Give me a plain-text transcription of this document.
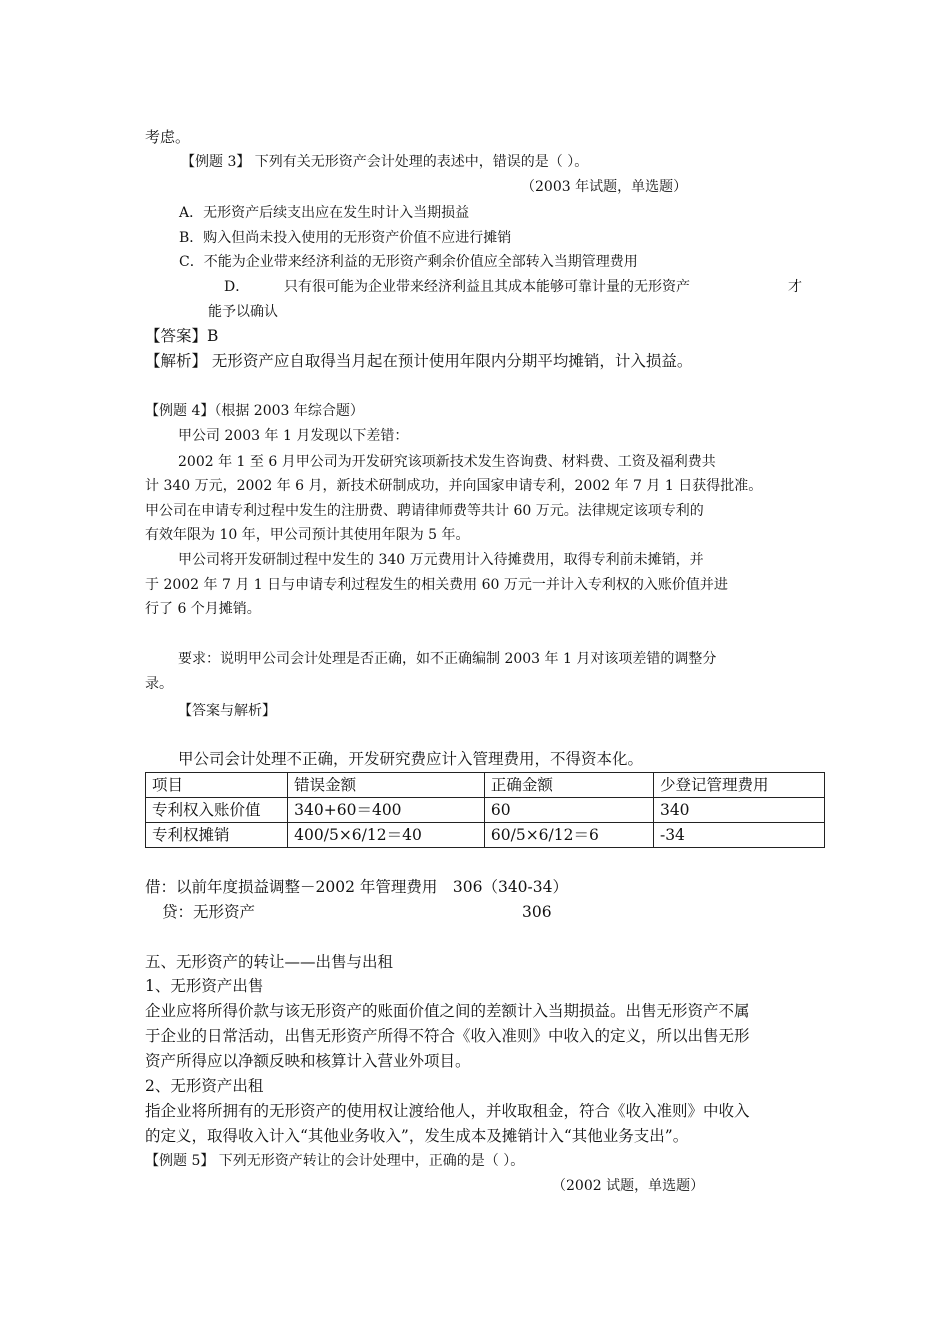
考虑。
【例题 3】 下列有关无形资产会计处理的表述中，错误的是（ ）。
（2003 年试题，单选题）
A．无形资产后续支出应在发生时计入当期损益
B．购入但尚未投入使用的无形资产价值不应进行摊销
C．不能为企业带来经济利益的无形资产剩余价值应全部转入当期管理费用
D． 只有很可能为企业带来经济利益且其成本能够可靠计量的无形资产	才
能予以确认
【答案】B
【解析】 无形资产应自取得当月起在预计使用年限内分期平均摊销，计入损益。
【例题 4】（根据 2003 年综合题）
甲公司 2003 年 1 月发现以下差错：
2002 年 1 至 6 月甲公司为开发研究该项新技术发生咨询费、材料费、工资及福利费共
计 340 万元，2002 年 6 月，新技术研制成功，并向国家申请专利，2002 年 7 月 1 日获得批准。
甲公司在申请专利过程中发生的注册费、聘请律师费等共计 60 万元。法律规定该项专利的
有效年限为 10 年，甲公司预计其使用年限为 5 年。
甲公司将开发研制过程中发生的 340 万元费用计入待摊费用，取得专利前未摊销，并
于 2002 年 7 月 1 日与申请专利过程发生的相关费用 60 万元一并计入专利权的入账价值并进
行了 6 个月摊销。
要求：说明甲公司会计处理是否正确，如不正确编制 2003 年 1 月对该项差错的调整分
录。
【答案与解析】
甲公司会计处理不正确，开发研究费应计入管理费用，不得资本化。
项目	错误金额	正确金额	少登记管理费用
专利权入账价值	340+60＝400	60	340
专利权摊销	400/5×6/12＝40	60/5×6/12＝6	-34
借：以前年度损益调整－2002 年管理费用　306（340-34）
贷：无形资产	306
五、无形资产的转让——出售与出租
1、无形资产出售
企业应将所得价款与该无形资产的账面价值之间的差额计入当期损益。出售无形资产不属
于企业的日常活动，出售无形资产所得不符合《收入准则》中收入的定义，所以出售无形
资产所得应以净额反映和核算计入营业外项目。
2、无形资产出租
指企业将所拥有的无形资产的使用权让渡给他人，并收取租金，符合《收入准则》中收入
的定义，取得收入计入“其他业务收入”，发生成本及摊销计入“其他业务支出”。
【例题 5】 下列无形资产转让的会计处理中，正确的是（ ）。
（2002 试题，单选题）
